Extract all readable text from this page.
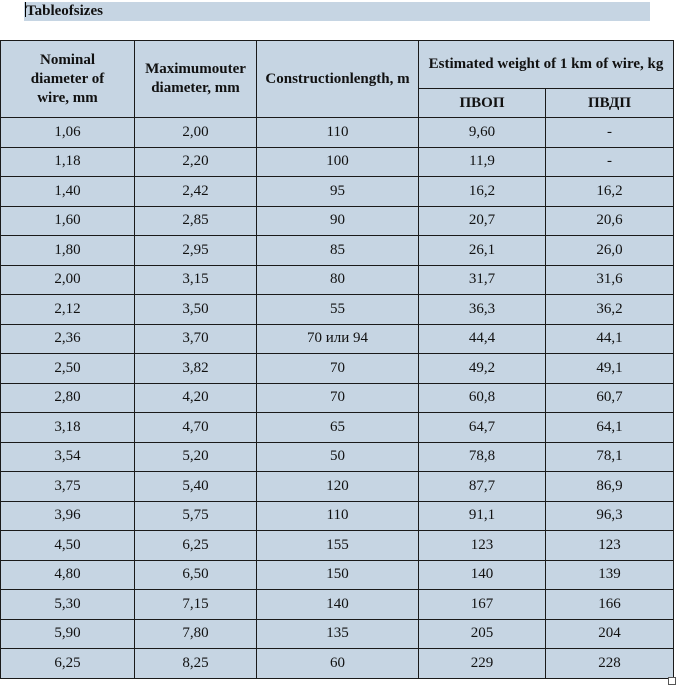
Tableofsizes
Nominal diameter of wire, mm	Maximumouter diameter, mm	Constructionlength, m	Estimated weight of 1 km of wire, kg	
			ПВОП	ПВДП
1,06	2,00	110	9,60	-
1,18	2,20	100	11,9	-
1,40	2,42	95	16,2	16,2
1,60	2,85	90	20,7	20,6
1,80	2,95	85	26,1	26,0
2,00	3,15	80	31,7	31,6
2,12	3,50	55	36,3	36,2
2,36	3,70	70 или 94	44,4	44,1
2,50	3,82	70	49,2	49,1
2,80	4,20	70	60,8	60,7
3,18	4,70	65	64,7	64,1
3,54	5,20	50	78,8	78,1
3,75	5,40	120	87,7	86,9
3,96	5,75	110	91,1	96,3
4,50	6,25	155	123	123
4,80	6,50	150	140	139
5,30	7,15	140	167	166
5,90	7,80	135	205	204
6,25	8,25	60	229	228
